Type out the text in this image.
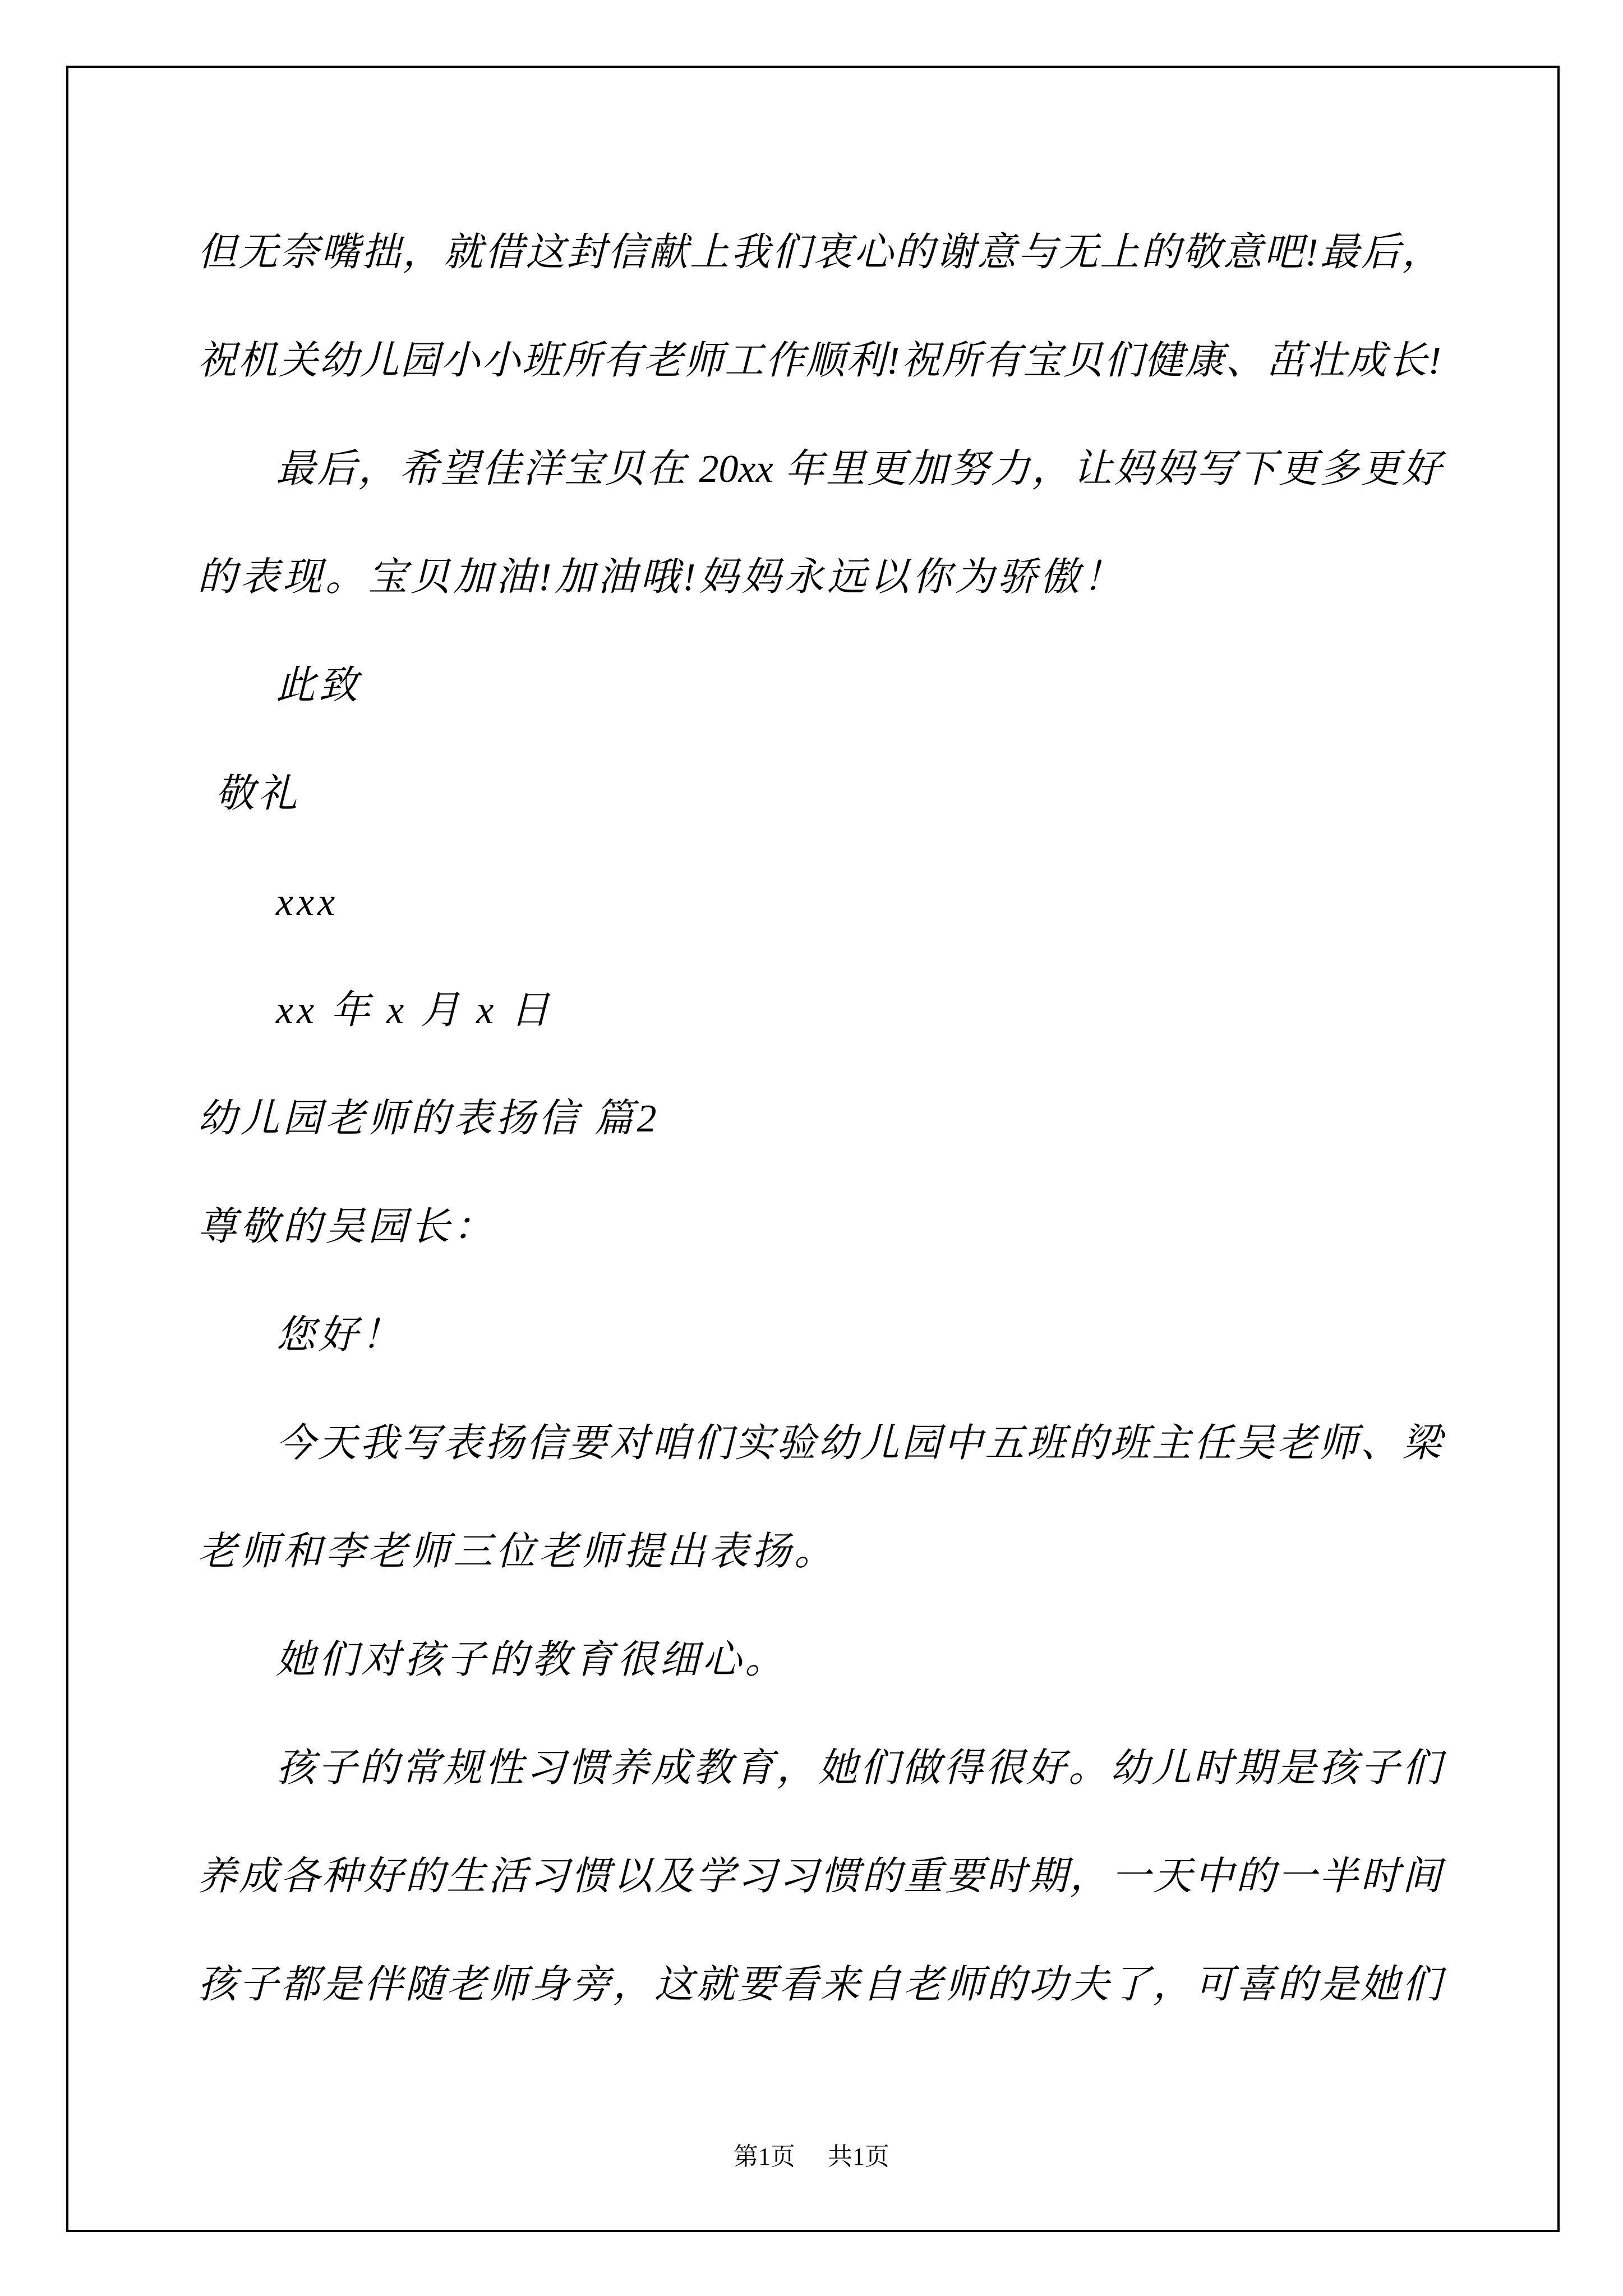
但无奈嘴拙，就借这封信献上我们衷心的谢意与无上的敬意吧!最后，
祝机关幼儿园小小班所有老师工作顺利!祝所有宝贝们健康、茁壮成长!
最后，希望佳洋宝贝在 20xx 年里更加努力，让妈妈写下更多更好
的表现。宝贝加油!加油哦!妈妈永远以你为骄傲！
此致
敬礼
xxx
xx 年 x 月 x 日
幼儿园老师的表扬信 篇2
尊敬的吴园长：
您好！
今天我写表扬信要对咱们实验幼儿园中五班的班主任吴老师、梁
老师和李老师三位老师提出表扬。
她们对孩子的教育很细心。
孩子的常规性习惯养成教育，她们做得很好。幼儿时期是孩子们
养成各种好的生活习惯以及学习习惯的重要时期，一天中的一半时间
孩子都是伴随老师身旁，这就要看来自老师的功夫了，可喜的是她们
第1页 共1页
